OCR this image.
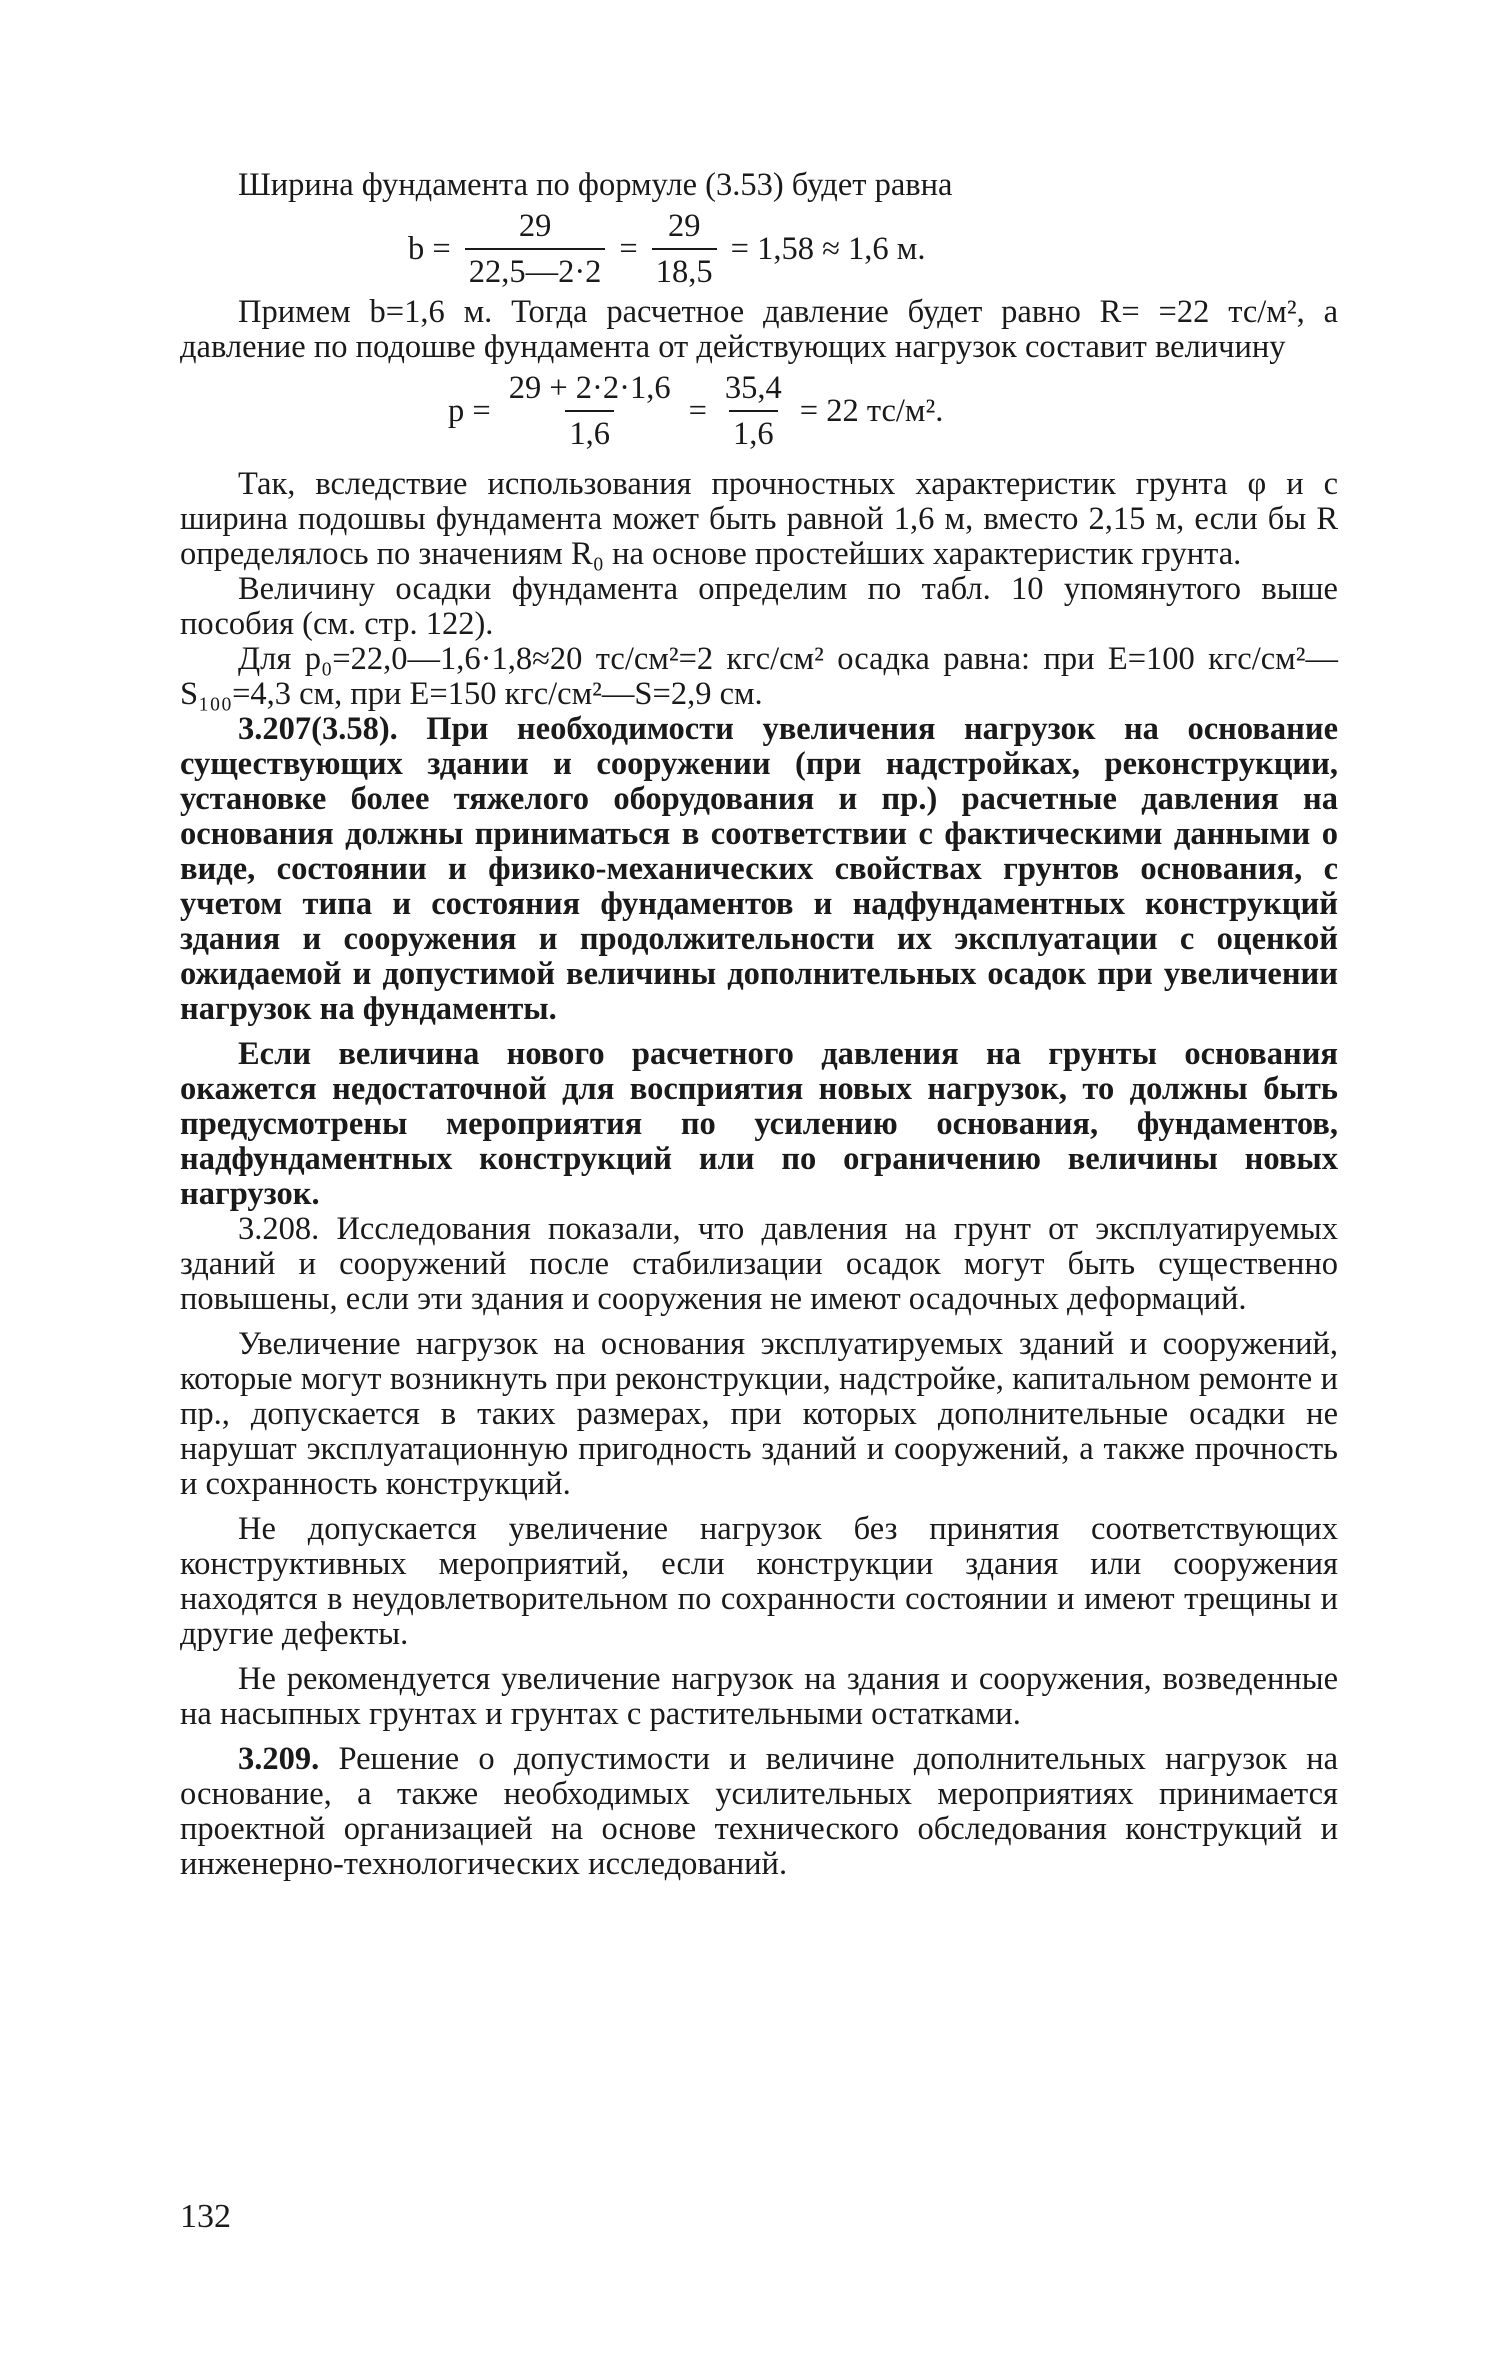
Ширина фундамента по формуле (3.53) будет равна

$b = \frac{29}{22,5—2\cdot 2} = \frac{29}{18,5} = 1,58 \approx 1,6$ м.

Примем b=1,6 м. Тогда расчетное давление будет равно R= =22 тс/м², а давление по подошве фундамента от действующих нагрузок составит величину

$p = \frac{29 + 2\cdot 2\cdot 1,6}{1,6} = \frac{35,4}{1,6} = 22$ тс/м².

Так, вследствие использования прочностных характеристик грунта φ и c ширина подошвы фундамента может быть равной 1,6 м, вместо 2,15 м, если бы R определялось по значениям R₀ на основе простейших характеристик грунта.

Величину осадки фундамента определим по табл. 10 упомянутого выше пособия (см. стр. 122).

Для p₀=22,0—1,6·1,8≈20 тс/см²=2 кгс/см² осадка равна: при E=100 кгс/см²—S₁₀₀=4,3 см, при E=150 кгс/см²—S=2,9 см.

3.207(3.58). При необходимости увеличения нагрузок на основание существующих здании и сооружении (при надстройках, реконструкции, установке более тяжелого оборудования и пр.) расчетные давления на основания должны приниматься в соответствии с фактическими данными о виде, состоянии и физико-механических свойствах грунтов основания, с учетом типа и состояния фундаментов и надфундаментных конструкций здания и сооружения и продолжительности их эксплуатации с оценкой ожидаемой и допустимой величины дополнительных осадок при увеличении нагрузок на фундаменты.

Если величина нового расчетного давления на грунты основания окажется недостаточной для восприятия новых нагрузок, то должны быть предусмотрены мероприятия по усилению основания, фундаментов, надфундаментных конструкций или по ограничению величины новых нагрузок.

3.208. Исследования показали, что давления на грунт от эксплуатируемых зданий и сооружений после стабилизации осадок могут быть существенно повышены, если эти здания и сооружения не имеют осадочных деформаций.

Увеличение нагрузок на основания эксплуатируемых зданий и сооружений, которые могут возникнуть при реконструкции, надстройке, капитальном ремонте и пр., допускается в таких размерах, при которых дополнительные осадки не нарушат эксплуатационную пригодность зданий и сооружений, а также прочность и сохранность конструкций.

Не допускается увеличение нагрузок без принятия соответствующих конструктивных мероприятий, если конструкции здания или сооружения находятся в неудовлетворительном по сохранности состоянии и имеют трещины и другие дефекты.

Не рекомендуется увеличение нагрузок на здания и сооружения, возведенные на насыпных грунтах и грунтах с растительными остатками.

3.209. Решение о допустимости и величине дополнительных нагрузок на основание, а также необходимых усилительных мероприятиях принимается проектной организацией на основе технического обследования конструкций и инженерно-технологических исследований.

132
